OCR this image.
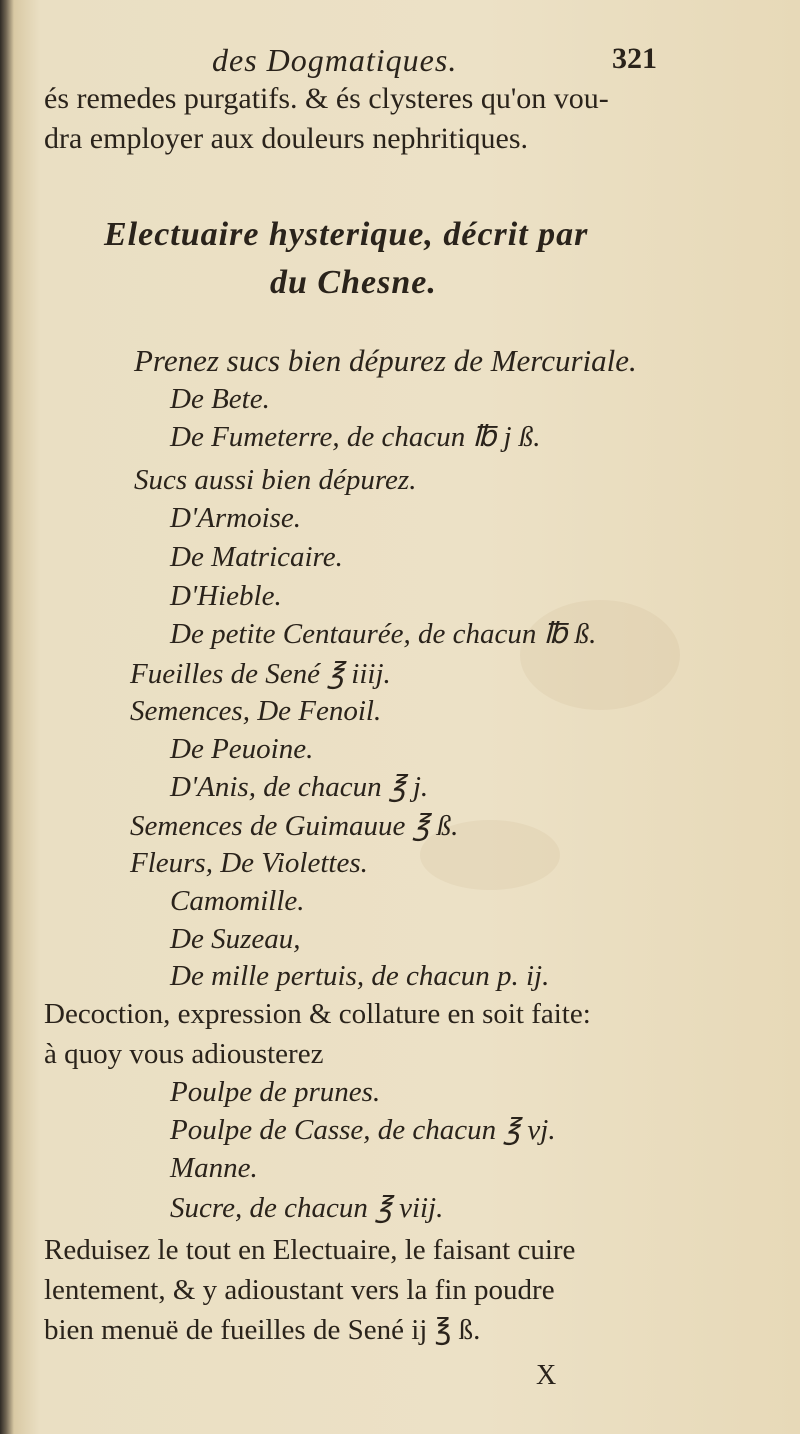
des Dogmatiques.	321
és remedes purgatifs. & és clysteres qu'on vou-
dra employer aux douleurs nephritiques.
Electuaire hysterique, décrit par
du Chesne.
Prenez sucs bien dépurez de Mercuriale.
De Bete.
De Fumeterre, de chacun ℔ j ß.
Sucs aussi bien dépurez.
D'Armoise.
De Matricaire.
D'Hieble.
De petite Centaurée, de chacun ℔ ß.
Fueilles de Sené ℥ iiij.
Semences, De Fenoil.
De Peuoine.
D'Anis, de chacun ℥ j.
Semences de Guimauue ℥ ß.
Fleurs, De Violettes.
Camomille.
De Suzeau,
De mille pertuis, de chacun p. ij.
Decoction, expression & collature en soit faite:
à quoy vous adiousterez
Poulpe de prunes.
Poulpe de Casse, de chacun ℥ vj.
Manne.
Sucre, de chacun ℥ viij.
Reduisez le tout en Electuaire, le faisant cuire
lentement, & y adioustant vers la fin poudre
bien menuë de fueilles de Sené ij ℥ ß.
X
